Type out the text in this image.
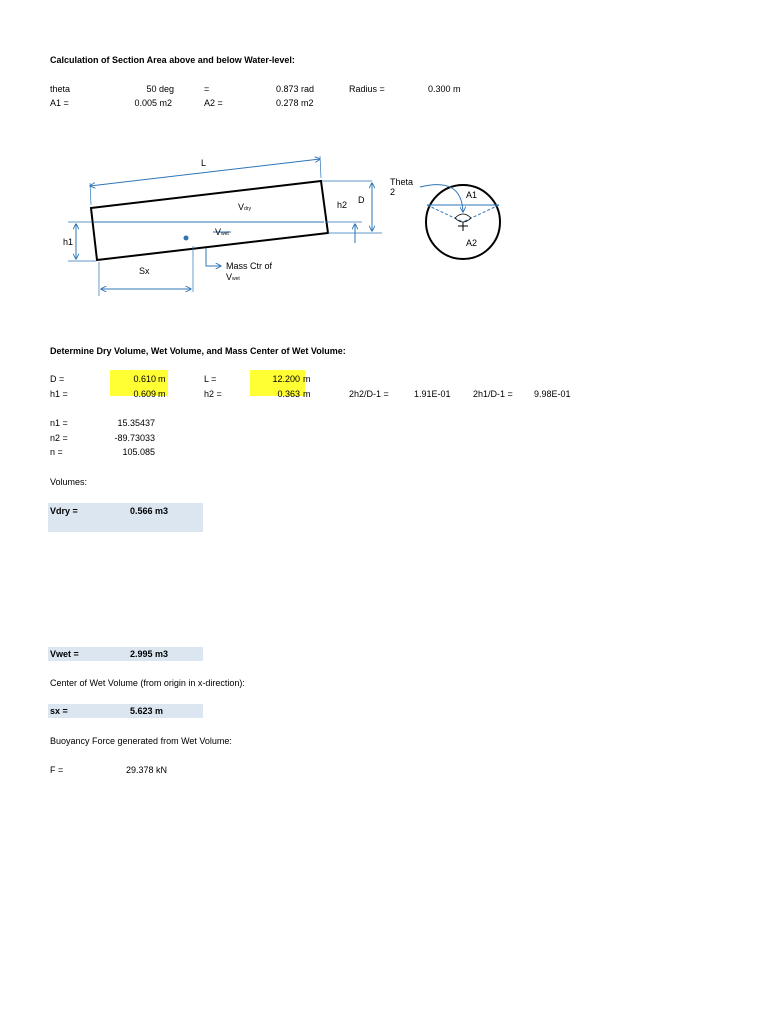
Calculation of Section Area above and below Water-level:
theta	50 deg	=	0.873 rad	Radius =	0.300 m
A1 =	0.005 m2	A2 =	0.278 m2
L
Vdry
Vwet
h1
h2 D
Sx	Mass Ctr of
Vwet
Theta
2	A1
A2
Determine Dry Volume, Wet Volume, and Mass Center of Wet Volume:
D =	0.610 m	L =	12.200 m
h1 =	0.609 m	h2 =	0.363 m	2h2/D-1 =	1.91E-01 2h1/D-1 = 9.98E-01
n1 =	15.35437
n2 =	-89.73033
n =	105.085
Volumes:
Vdry =	0.566 m3
Vwet =	2.995 m3
Center of Wet Volume (from origin in x-direction):
sx =	5.623 m
Buoyancy Force generated from Wet Volume:
F =	29.378 kN
